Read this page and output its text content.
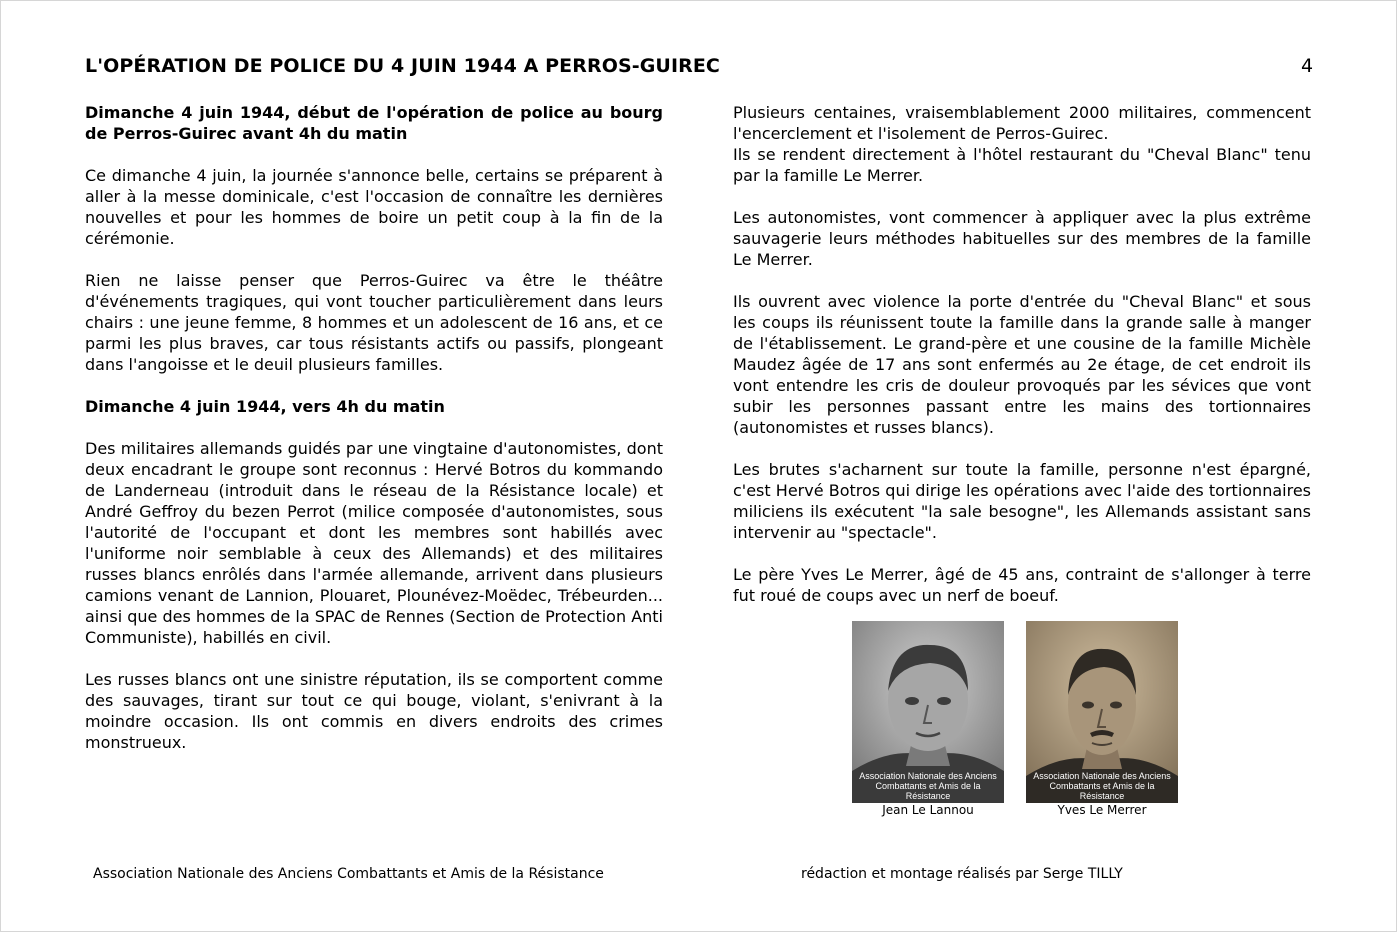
L'OPÉRATION DE POLICE DU 4 JUIN 1944 A PERROS-GUIREC	4
Dimanche 4 juin 1944, début de l'opération de police au bourg de Perros-Guirec avant 4h du matin

Ce dimanche 4 juin, la journée s'annonce belle, certains se préparent à aller à la messe dominicale, c'est l'occasion de connaître les dernières nouvelles et pour les hommes de boire un petit coup à la fin de la cérémonie.

Rien ne laisse penser que Perros-Guirec va être le théâtre d'événements tragiques, qui vont toucher particulièrement dans leurs chairs : une jeune femme, 8 hommes et un adolescent de 16 ans, et ce parmi les plus braves, car tous résistants actifs ou passifs, plongeant dans l'angoisse et le deuil plusieurs familles.

Dimanche 4 juin 1944, vers 4h du matin

Des militaires allemands guidés par une vingtaine d'autonomistes, dont deux encadrant le groupe sont reconnus : Hervé Botros du kommando de Landerneau (introduit dans le réseau de la Résistance locale) et André Geffroy du bezen Perrot (milice composée d'autonomistes, sous l'autorité de l'occupant et dont les membres sont habillés avec l'uniforme noir semblable à ceux des Allemands) et des militaires russes blancs enrôlés dans l'armée allemande, arrivent dans plusieurs camions venant de Lannion, Plouaret, Plounévez-Moëdec, Trébeurden... ainsi que des hommes de la SPAC de Rennes (Section de Protection Anti Communiste), habillés en civil.

Les russes blancs ont une sinistre réputation, ils se comportent comme des sauvages, tirant sur tout ce qui bouge, violant, s'enivrant à la moindre occasion. Ils ont commis en divers endroits des crimes monstrueux.

Plusieurs centaines, vraisemblablement 2000 militaires, commencent l'encerclement et l'isolement de Perros-Guirec.

Ils se rendent directement à l'hôtel restaurant du "Cheval Blanc" tenu par la famille Le Merrer.

Les autonomistes, vont commencer à appliquer avec la plus extrême sauvagerie leurs méthodes habituelles sur des membres de la famille Le Merrer.

Ils ouvrent avec violence la porte d'entrée du "Cheval Blanc" et sous les coups ils réunissent toute la famille dans la grande salle à manger de l'établissement. Le grand-père et une cousine de la famille Michèle Maudez âgée de 17 ans sont enfermés au 2e étage, de cet endroit ils vont entendre les cris de douleur provoqués par les sévices que vont subir les personnes passant entre les mains des tortionnaires (autonomistes et russes blancs).

Les brutes s'acharnent sur toute la famille, personne n'est épargné, c'est Hervé Botros qui dirige les opérations avec l'aide des tortionnaires miliciens ils exécutent "la sale besogne", les Allemands assistant sans intervenir au "spectacle".

Le père Yves Le Merrer, âgé de 45 ans, contraint de s'allonger à terre fut roué de coups avec un nerf de boeuf.

Association Nationale des Anciens
Combattants et Amis de la Résistance
Jean Le Lannou
Association Nationale des Anciens
Combattants et Amis de la Résistance
Yves Le Merrer
Association Nationale des Anciens Combattants et Amis de la Résistance	rédaction et montage réalisés par Serge TILLY
